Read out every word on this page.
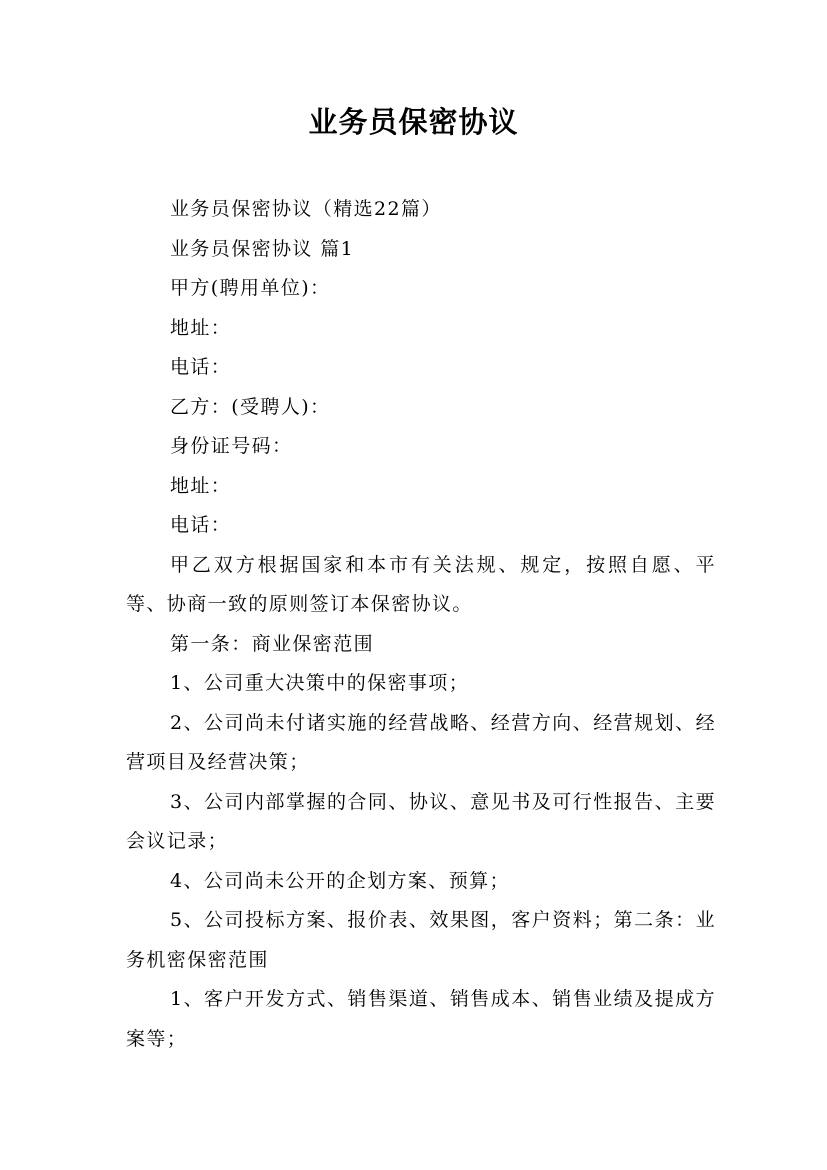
业务员保密协议

业务员保密协议（精选22篇）

业务员保密协议 篇1

甲方(聘用单位)：

地址：

电话：

乙方：(受聘人)：

身份证号码：

地址：

电话：

甲乙双方根据国家和本市有关法规、规定，按照自愿、平等、协商一致的原则签订本保密协议。

第一条：商业保密范围

1、公司重大决策中的保密事项；

2、公司尚未付诸实施的经营战略、经营方向、经营规划、经营项目及经营决策；

3、公司内部掌握的合同、协议、意见书及可行性报告、主要会议记录；

4、公司尚未公开的企划方案、预算；

5、公司投标方案、报价表、效果图，客户资料；第二条：业务机密保密范围

1、客户开发方式、销售渠道、销售成本、销售业绩及提成方案等；
